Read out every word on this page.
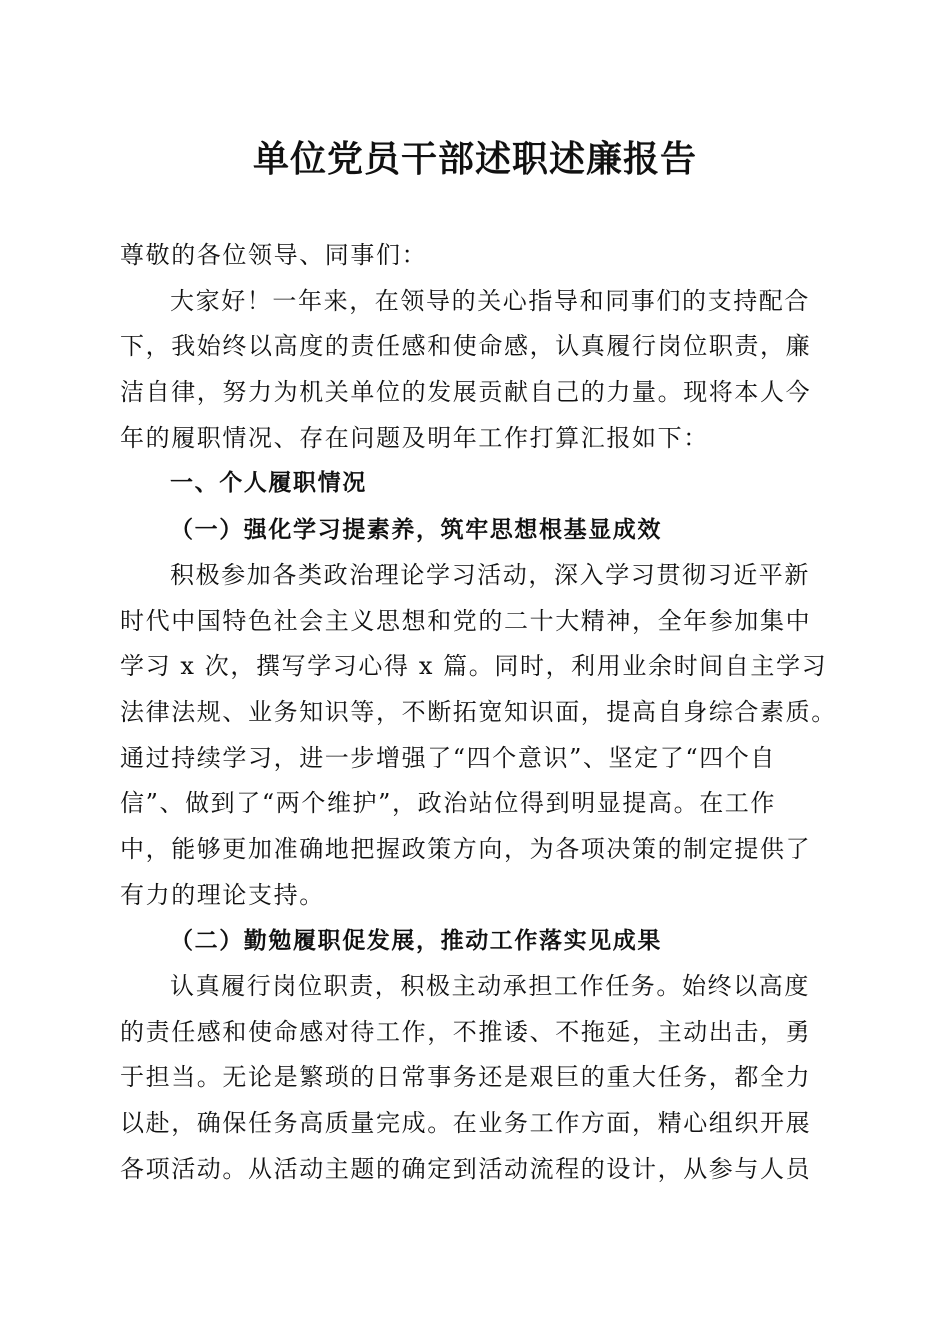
单位党员干部述职述廉报告
尊敬的各位领导、同事们：
大家好！一年来，在领导的关心指导和同事们的支持配合
下，我始终以高度的责任感和使命感，认真履行岗位职责，廉
洁自律，努力为机关单位的发展贡献自己的力量。现将本人今
年的履职情况、存在问题及明年工作打算汇报如下：
一、个人履职情况
（一）强化学习提素养，筑牢思想根基显成效
积极参加各类政治理论学习活动，深入学习贯彻习近平新
时代中国特色社会主义思想和党的二十大精神，全年参加集中
学习 x 次，撰写学习心得 x 篇。同时，利用业余时间自主学习
法律法规、业务知识等，不断拓宽知识面，提高自身综合素质。
通过持续学习，进一步增强了“四个意识”、坚定了“四个自
信”、做到了“两个维护”，政治站位得到明显提高。在工作
中，能够更加准确地把握政策方向，为各项决策的制定提供了
有力的理论支持。
（二）勤勉履职促发展，推动工作落实见成果
认真履行岗位职责，积极主动承担工作任务。始终以高度
的责任感和使命感对待工作，不推诿、不拖延，主动出击，勇
于担当。无论是繁琐的日常事务还是艰巨的重大任务，都全力
以赴，确保任务高质量完成。在业务工作方面，精心组织开展
各项活动。从活动主题的确定到活动流程的设计，从参与人员
